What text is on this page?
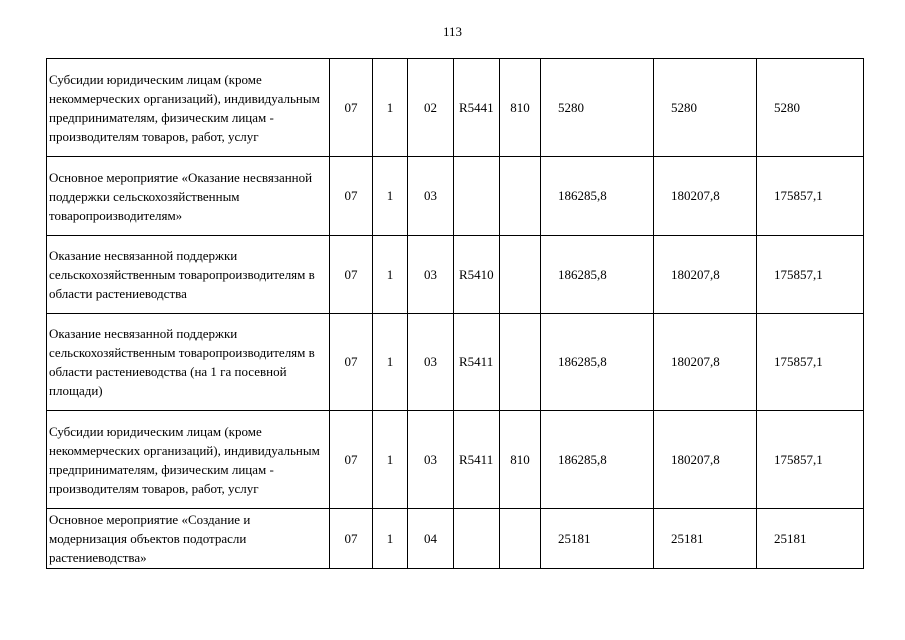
113
Субсидии юридическим лицам (кроме некоммерческих организаций), индивидуальным предпринимателям, физическим лицам - производителям товаров, работ, услуг	07	1	02	R5441	810	5280	5280	5280
Основное мероприятие «Оказание несвязанной поддержки сельскохозяйственным товаропроизводителям»	07	1	03			186285,8	180207,8	175857,1
Оказание несвязанной поддержки сельскохозяйственным товаропроизводителям в области растениеводства	07	1	03	R5410		186285,8	180207,8	175857,1
Оказание несвязанной поддержки сельскохозяйственным товаропроизводителям в области растениеводства (на 1 га посевной площади)	07	1	03	R5411		186285,8	180207,8	175857,1
Субсидии юридическим лицам (кроме некоммерческих организаций), индивидуальным предпринимателям, физическим лицам - производителям товаров, работ, услуг	07	1	03	R5411	810	186285,8	180207,8	175857,1
Основное мероприятие «Создание и модернизация объектов подотрасли растениеводства»	07	1	04			25181	25181	25181
